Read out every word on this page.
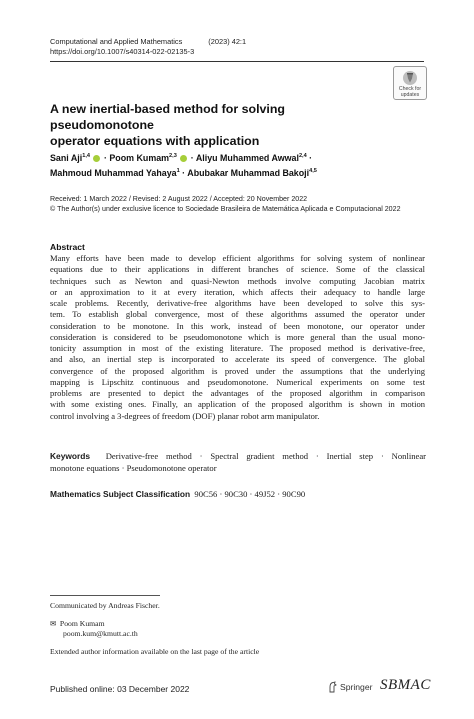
Computational and Applied Mathematics	(2023) 42:1
https://doi.org/10.1007/s40314-022-02135-3
Check for
updates
A new inertial-based method for solving pseudomonotone
operator equations with application
Sani Aji$^{1,4}$  · Poom Kumam$^{2,3}$  · Aliyu Muhammed Awwal$^{2,4}$ ·
Mahmoud Muhammad Yahaya$^1$ · Abubakar Muhammad Bakoji$^{4,5}$
Received: 1 March 2022 / Revised: 2 August 2022 / Accepted: 20 November 2022
© The Author(s) under exclusive licence to Sociedade Brasileira de Matemática Aplicada e Computacional 2022
Abstract
Many efforts have been made to develop efficient algorithms for solving system of nonlinear
equations due to their applications in different branches of science. Some of the classical
techniques such as Newton and quasi-Newton methods involve computing Jacobian matrix
or an approximation to it at every iteration, which affects their adequacy to handle large
scale problems. Recently, derivative-free algorithms have been developed to solve this sys-
tem. To establish global convergence, most of these algorithms assumed the operator under
consideration to be monotone. In this work, instead of been monotone, our operator under
consideration is considered to be pseudomonotone which is more general than the usual mono-
tonicity assumption in most of the existing literature. The proposed method is derivative-free,
and also, an inertial step is incorporated to accelerate its speed of convergence. The global
convergence of the proposed algorithm is proved under the assumptions that the underlying
mapping is Lipschitz continuous and pseudomonotone. Numerical experiments on some test
problems are presented to depict the advantages of the proposed algorithm in comparison
with some existing ones. Finally, an application of the proposed algorithm is shown in motion
control involving a 3-degrees of freedom (DOF) planar robot arm manipulator.
Keywords Derivative-free method · Spectral gradient method · Inertial step · Nonlinear
monotone equations · Pseudomonotone operator
Mathematics Subject Classification 90C56 · 90C30 · 49J52 · 90C90
Communicated by Andreas Fischer.
✉ Poom Kumam
poom.kum@kmutt.ac.th
Extended author information available on the last page of the article
Published online: 03 December 2022	Springer SBMAC
